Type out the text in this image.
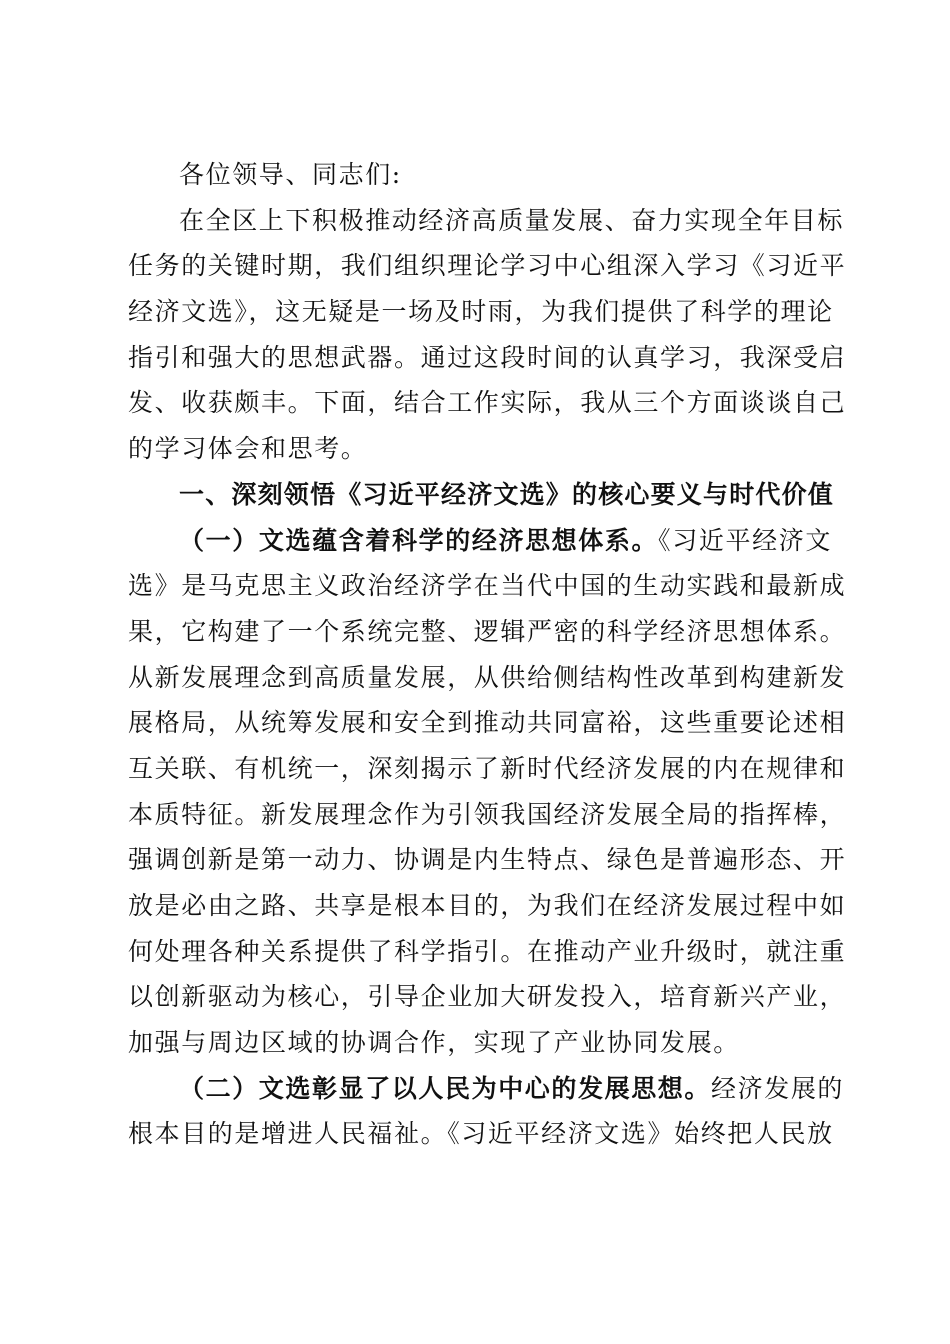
各位领导、同志们:
在全区上下积极推动经济高质量发展、奋力实现全年目标
任务的关键时期，我们组织理论学习中心组深入学习《习近平
经济文选》，这无疑是一场及时雨，为我们提供了科学的理论
指引和强大的思想武器。通过这段时间的认真学习，我深受启
发、收获颇丰。下面，结合工作实际，我从三个方面谈谈自己
的学习体会和思考。
一、深刻领悟《习近平经济文选》的核心要义与时代价值
（一）文选蕴含着科学的经济思想体系。《习近平经济文
选》是马克思主义政治经济学在当代中国的生动实践和最新成
果，它构建了一个系统完整、逻辑严密的科学经济思想体系。
从新发展理念到高质量发展，从供给侧结构性改革到构建新发
展格局，从统筹发展和安全到推动共同富裕，这些重要论述相
互关联、有机统一，深刻揭示了新时代经济发展的内在规律和
本质特征。新发展理念作为引领我国经济发展全局的指挥棒，
强调创新是第一动力、协调是内生特点、绿色是普遍形态、开
放是必由之路、共享是根本目的，为我们在经济发展过程中如
何处理各种关系提供了科学指引。在推动产业升级时，就注重
以创新驱动为核心，引导企业加大研发投入，培育新兴产业，
加强与周边区域的协调合作，实现了产业协同发展。
（二）文选彰显了以人民为中心的发展思想。经济发展的
根本目的是增进人民福祉。《习近平经济文选》始终把人民放
